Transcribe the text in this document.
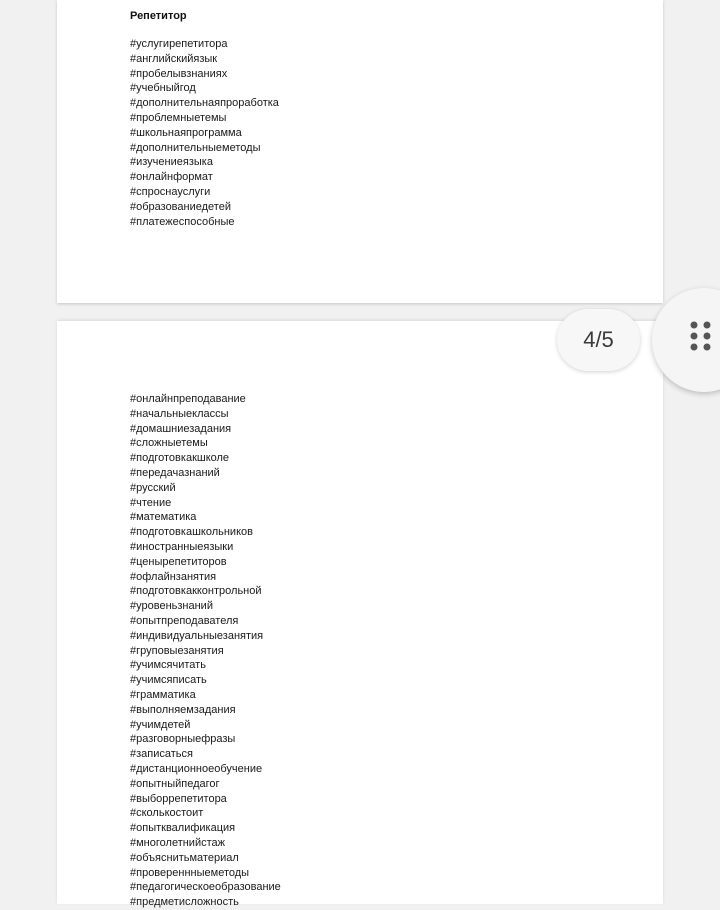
Репетитор
#услугирепетитора
#английскийязык
#пробелывзнаниях
#учебныйгод
#дополнительнаяпроработка
#проблемныетемы
#школьнаяпрограмма
#дополнительныеметоды
#изучениеязыка
#онлайнформат
#спроснауслуги
#образованиедетей
#платежеспособные
#онлайнпреподавание
#начальныеклассы
#домашниезадания
#сложныетемы
#подготовкакшколе
#передачазнаний
#русский
#чтение
#математика
#подготовкашкольников
#иностранныеязыки
#ценырепетиторов
#офлайнзанятия
#подготовкакконтрольной
#уровеньзнаний
#опытпреподавателя
#индивидуальныезанятия
#груповыезанятия
#учимсячитать
#учимсяписать
#грамматика
#выполняемзадания
#учимдетей
#разговорныефразы
#записаться
#дистанционноеобучение
#опытныйпедагог
#выборрепетитора
#сколькостоит
#опытквалификация
#многолетнийстаж
#объяснитьматериал
#провереннныеметоды
#педагогическоеобразование
#предметисложность
4/5
